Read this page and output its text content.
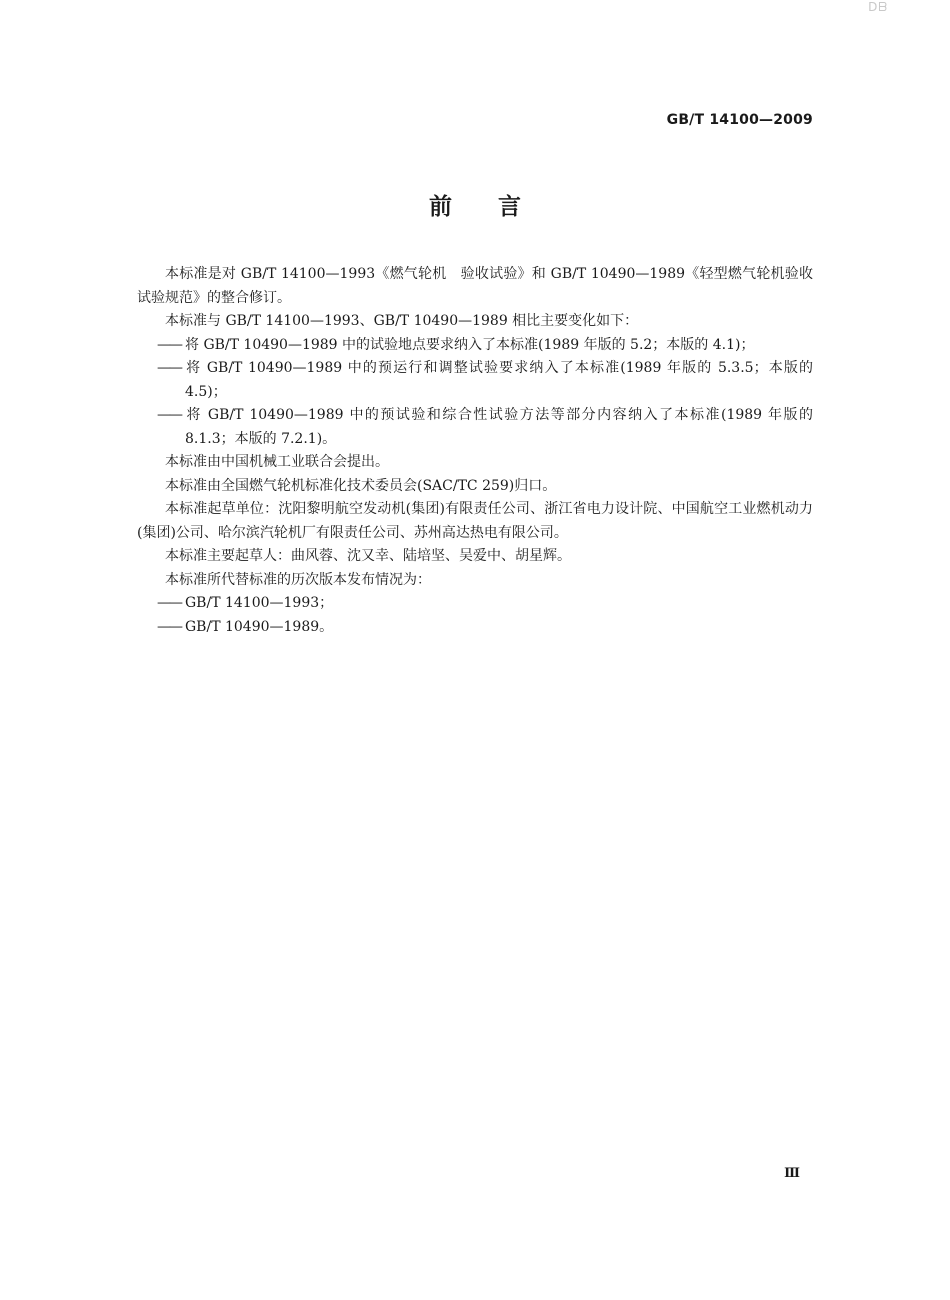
ᗞᗷ
GB/T 14100—2009
前言

本标准是对 GB/T 14100—1993《燃气轮机　验收试验》和 GB/T 10490—1989《轻型燃气轮机验收试验规范》的整合修订。

本标准与 GB/T 14100—1993、GB/T 10490—1989 相比主要变化如下：

—— 将 GB/T 10490—1989 中的试验地点要求纳入了本标准(1989 年版的 5.2；本版的 4.1)；

—— 将 GB/T 10490—1989 中的预运行和调整试验要求纳入了本标准(1989 年版的 5.3.5；本版的 4.5)；

—— 将 GB/T 10490—1989 中的预试验和综合性试验方法等部分内容纳入了本标准(1989 年版的 8.1.3；本版的 7.2.1)。

本标准由中国机械工业联合会提出。

本标准由全国燃气轮机标准化技术委员会(SAC/TC 259)归口。

本标准起草单位：沈阳黎明航空发动机(集团)有限责任公司、浙江省电力设计院、中国航空工业燃机动力(集团)公司、哈尔滨汽轮机厂有限责任公司、苏州高达热电有限公司。

本标准主要起草人：曲风蓉、沈又幸、陆培坚、吴爱中、胡星辉。

本标准所代替标准的历次版本发布情况为：

—— GB/T 14100—1993；

—— GB/T 10490—1989。

Ⅲ
